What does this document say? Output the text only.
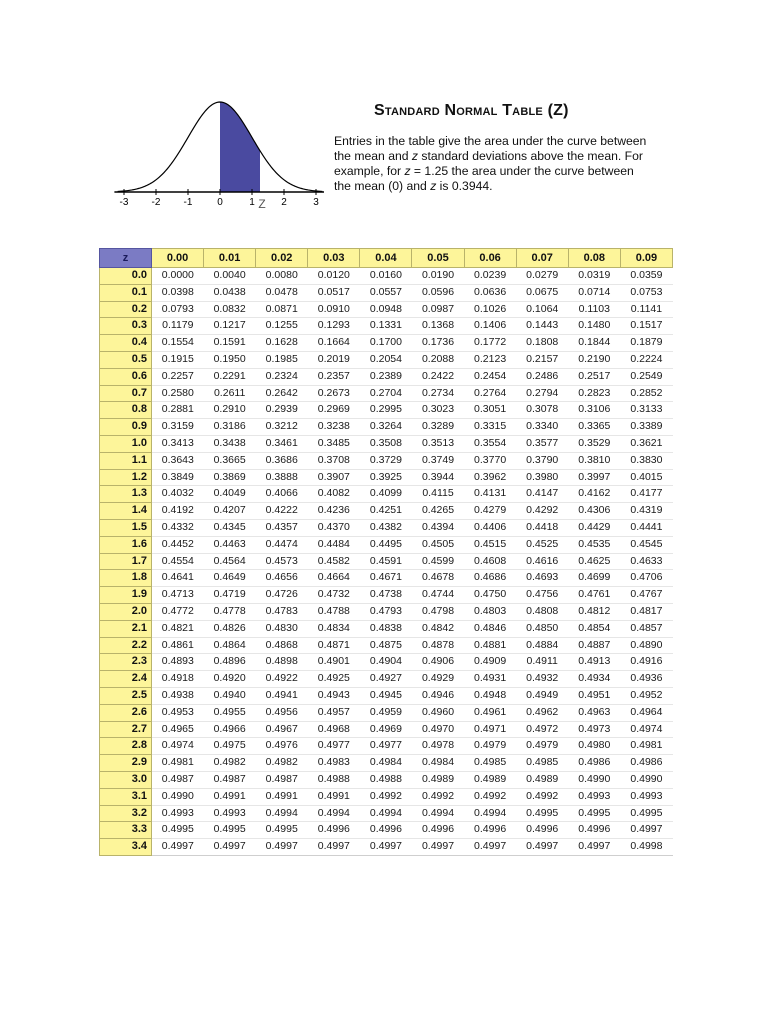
-3 -2 -1 0	1	2	3
Z
Standard Normal Table (Z)

Entries in the table give the area under the curve between the mean and z standard deviations above the mean. For example, for z = 1.25 the area under the curve between the mean (0) and z is 0.3944.

z	0.00	0.01	0.02	0.03	0.04	0.05	0.06	0.07	0.08	0.09
0.0	0.0000	0.0040	0.0080	0.0120	0.0160	0.0190	0.0239	0.0279	0.0319	0.0359
0.1	0.0398	0.0438	0.0478	0.0517	0.0557	0.0596	0.0636	0.0675	0.0714	0.0753
0.2	0.0793	0.0832	0.0871	0.0910	0.0948	0.0987	0.1026	0.1064	0.1103	0.1141
0.3	0.1179	0.1217	0.1255	0.1293	0.1331	0.1368	0.1406	0.1443	0.1480	0.1517
0.4	0.1554	0.1591	0.1628	0.1664	0.1700	0.1736	0.1772	0.1808	0.1844	0.1879
0.5	0.1915	0.1950	0.1985	0.2019	0.2054	0.2088	0.2123	0.2157	0.2190	0.2224
0.6	0.2257	0.2291	0.2324	0.2357	0.2389	0.2422	0.2454	0.2486	0.2517	0.2549
0.7	0.2580	0.2611	0.2642	0.2673	0.2704	0.2734	0.2764	0.2794	0.2823	0.2852
0.8	0.2881	0.2910	0.2939	0.2969	0.2995	0.3023	0.3051	0.3078	0.3106	0.3133
0.9	0.3159	0.3186	0.3212	0.3238	0.3264	0.3289	0.3315	0.3340	0.3365	0.3389
1.0	0.3413	0.3438	0.3461	0.3485	0.3508	0.3513	0.3554	0.3577	0.3529	0.3621
1.1	0.3643	0.3665	0.3686	0.3708	0.3729	0.3749	0.3770	0.3790	0.3810	0.3830
1.2	0.3849	0.3869	0.3888	0.3907	0.3925	0.3944	0.3962	0.3980	0.3997	0.4015
1.3	0.4032	0.4049	0.4066	0.4082	0.4099	0.4115	0.4131	0.4147	0.4162	0.4177
1.4	0.4192	0.4207	0.4222	0.4236	0.4251	0.4265	0.4279	0.4292	0.4306	0.4319
1.5	0.4332	0.4345	0.4357	0.4370	0.4382	0.4394	0.4406	0.4418	0.4429	0.4441
1.6	0.4452	0.4463	0.4474	0.4484	0.4495	0.4505	0.4515	0.4525	0.4535	0.4545
1.7	0.4554	0.4564	0.4573	0.4582	0.4591	0.4599	0.4608	0.4616	0.4625	0.4633
1.8	0.4641	0.4649	0.4656	0.4664	0.4671	0.4678	0.4686	0.4693	0.4699	0.4706
1.9	0.4713	0.4719	0.4726	0.4732	0.4738	0.4744	0.4750	0.4756	0.4761	0.4767
2.0	0.4772	0.4778	0.4783	0.4788	0.4793	0.4798	0.4803	0.4808	0.4812	0.4817
2.1	0.4821	0.4826	0.4830	0.4834	0.4838	0.4842	0.4846	0.4850	0.4854	0.4857
2.2	0.4861	0.4864	0.4868	0.4871	0.4875	0.4878	0.4881	0.4884	0.4887	0.4890
2.3	0.4893	0.4896	0.4898	0.4901	0.4904	0.4906	0.4909	0.4911	0.4913	0.4916
2.4	0.4918	0.4920	0.4922	0.4925	0.4927	0.4929	0.4931	0.4932	0.4934	0.4936
2.5	0.4938	0.4940	0.4941	0.4943	0.4945	0.4946	0.4948	0.4949	0.4951	0.4952
2.6	0.4953	0.4955	0.4956	0.4957	0.4959	0.4960	0.4961	0.4962	0.4963	0.4964
2.7	0.4965	0.4966	0.4967	0.4968	0.4969	0.4970	0.4971	0.4972	0.4973	0.4974
2.8	0.4974	0.4975	0.4976	0.4977	0.4977	0.4978	0.4979	0.4979	0.4980	0.4981
2.9	0.4981	0.4982	0.4982	0.4983	0.4984	0.4984	0.4985	0.4985	0.4986	0.4986
3.0	0.4987	0.4987	0.4987	0.4988	0.4988	0.4989	0.4989	0.4989	0.4990	0.4990
3.1	0.4990	0.4991	0.4991	0.4991	0.4992	0.4992	0.4992	0.4992	0.4993	0.4993
3.2	0.4993	0.4993	0.4994	0.4994	0.4994	0.4994	0.4994	0.4995	0.4995	0.4995
3.3	0.4995	0.4995	0.4995	0.4996	0.4996	0.4996	0.4996	0.4996	0.4996	0.4997
3.4	0.4997	0.4997	0.4997	0.4997	0.4997	0.4997	0.4997	0.4997	0.4997	0.4998
